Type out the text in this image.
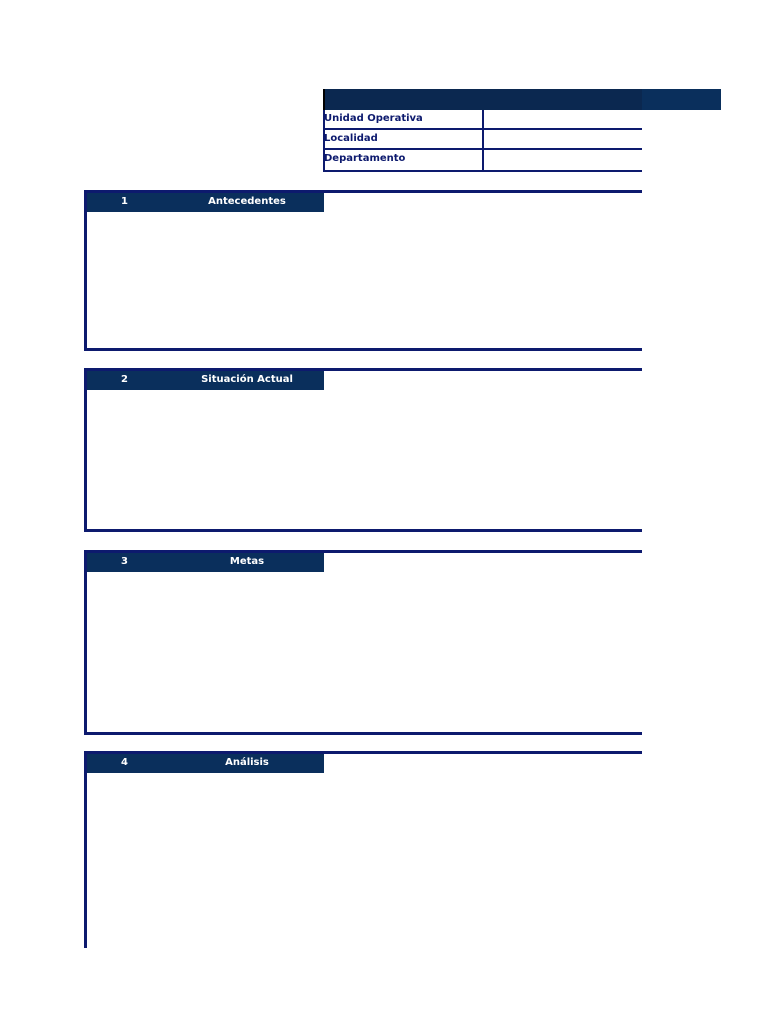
Unidad Operativa
Localidad
Departamento
1	Antecedentes
2	Situación Actual
3	Metas
4	Análisis
